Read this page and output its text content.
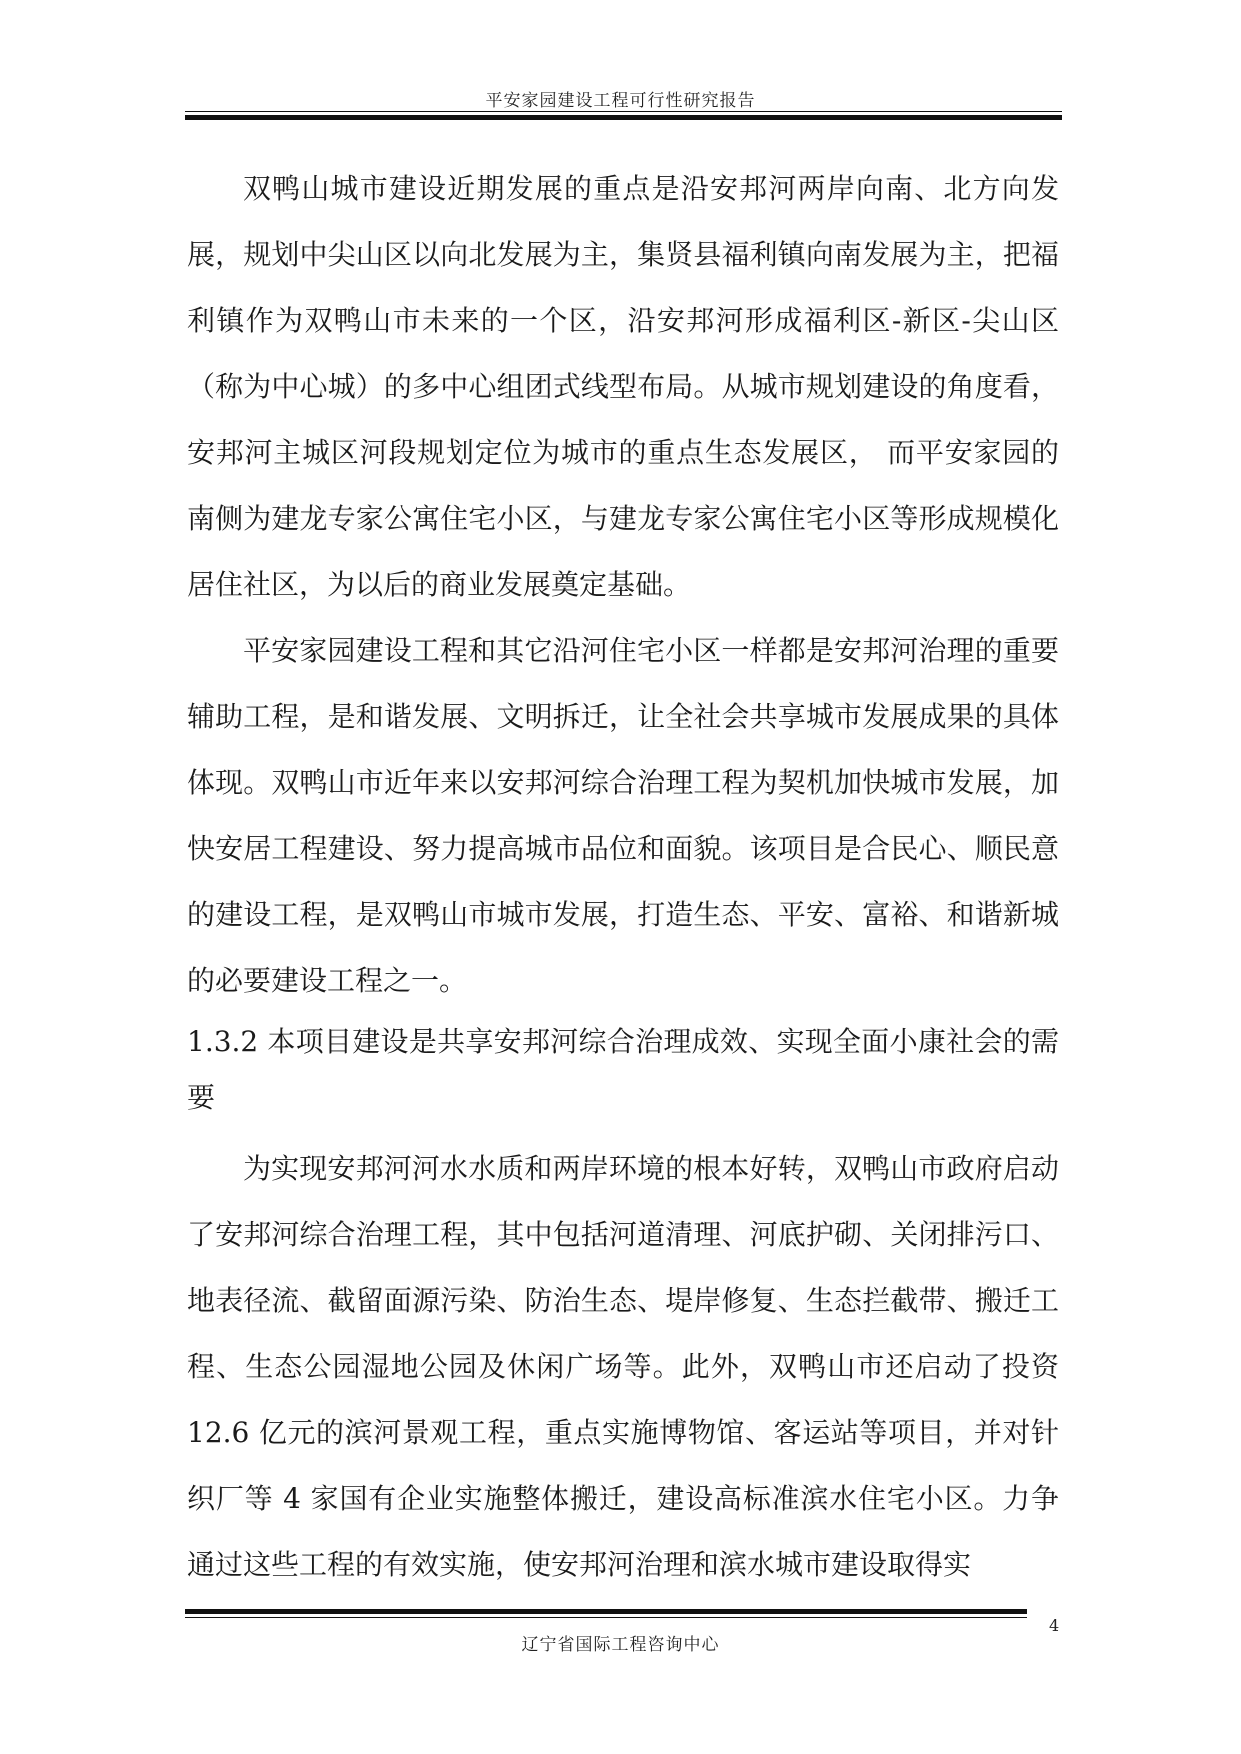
平安家园建设工程可行性研究报告

双鸭山城市建设近期发展的重点是沿安邦河两岸向南、北方向发展，规划中尖山区以向北发展为主，集贤县福利镇向南发展为主，把福利镇作为双鸭山市未来的一个区，沿安邦河形成福利区-新区-尖山区（称为中心城）的多中心组团式线型布局。从城市规划建设的角度看，安邦河主城区河段规划定位为城市的重点生态发展区， 而平安家园的南侧为建龙专家公寓住宅小区，与建龙专家公寓住宅小区等形成规模化居住社区，为以后的商业发展奠定基础。

平安家园建设工程和其它沿河住宅小区一样都是安邦河治理的重要辅助工程，是和谐发展、文明拆迁，让全社会共享城市发展成果的具体体现。双鸭山市近年来以安邦河综合治理工程为契机加快城市发展，加快安居工程建设、努力提高城市品位和面貌。该项目是合民心、顺民意的建设工程，是双鸭山市城市发展，打造生态、平安、富裕、和谐新城的必要建设工程之一。

1.3.2 本项目建设是共享安邦河综合治理成效、实现全面小康社会的需要

为实现安邦河河水水质和两岸环境的根本好转，双鸭山市政府启动了安邦河综合治理工程，其中包括河道清理、河底护砌、关闭排污口、地表径流、截留面源污染、防治生态、堤岸修复、生态拦截带、搬迁工程、生态公园湿地公园及休闲广场等。此外，双鸭山市还启动了投资 12.6 亿元的滨河景观工程，重点实施博物馆、客运站等项目，并对针织厂等 4 家国有企业实施整体搬迁，建设高标准滨水住宅小区。力争通过这些工程的有效实施，使安邦河治理和滨水城市建设取得实

辽宁省国际工程咨询中心
4
